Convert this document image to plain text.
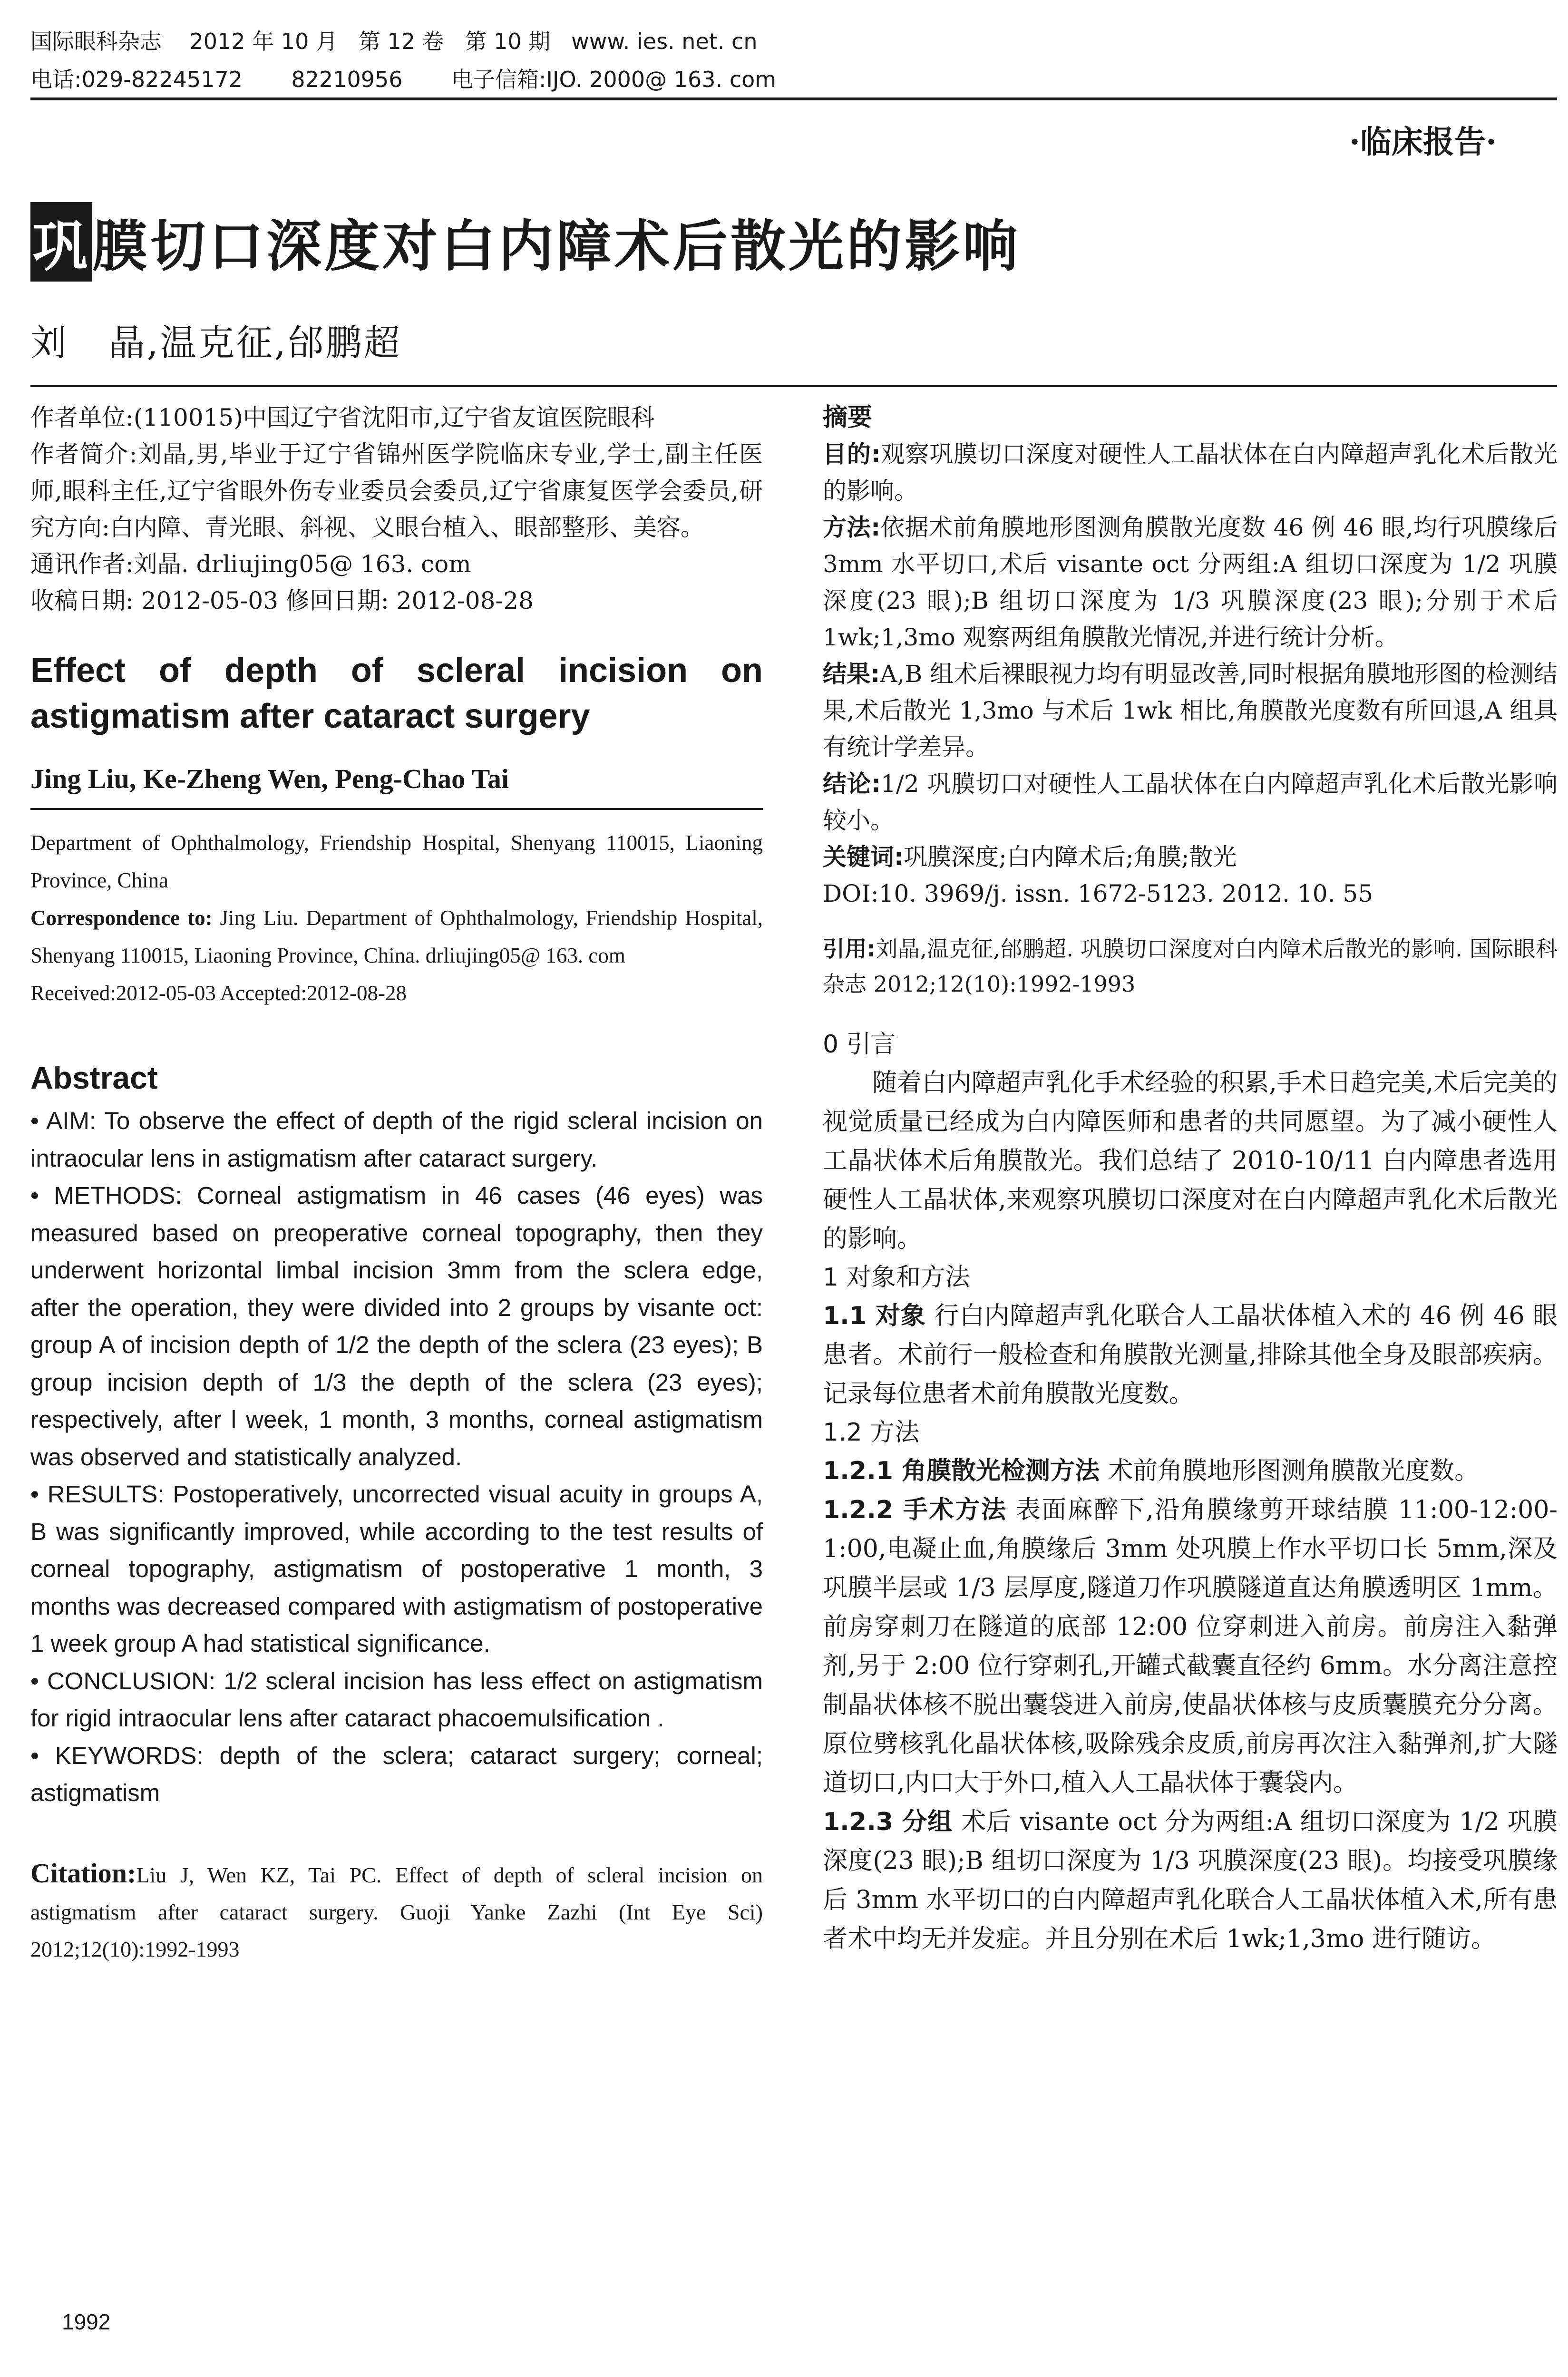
国际眼科杂志    2012 年 10 月   第 12 卷   第 10 期   www. ies. net. cn
电话:029-82245172       82210956       电子信箱:IJO. 2000@ 163. com
·临床报告·
巩膜切口深度对白内障术后散光的影响
刘   晶,温克征,邰鹏超

作者单位:(110015)中国辽宁省沈阳市,辽宁省友谊医院眼科

作者简介:刘晶,男,毕业于辽宁省锦州医学院临床专业,学士,副主任医师,眼科主任,辽宁省眼外伤专业委员会委员,辽宁省康复医学会委员,研究方向:白内障、青光眼、斜视、义眼台植入、眼部整形、美容。

通讯作者:刘晶. drliujing05@ 163. com

收稿日期: 2012-05-03 修回日期: 2012-08-28

Effect of depth of scleral incision on astigmatism after cataract surgery

Jing Liu, Ke-Zheng Wen, Peng-Chao Tai

Department of Ophthalmology, Friendship Hospital, Shenyang 110015, Liaoning Province, China

Correspondence to: Jing Liu. Department of Ophthalmology, Friendship Hospital, Shenyang 110015, Liaoning Province, China. drliujing05@ 163. com

Received:2012-05-03 Accepted:2012-08-28

Abstract

• AIM: To observe the effect of depth of the rigid scleral incision on intraocular lens in astigmatism after cataract surgery.

• METHODS: Corneal astigmatism in 46 cases (46 eyes) was measured based on preoperative corneal topography, then they underwent horizontal limbal incision 3mm from the sclera edge, after the operation, they were divided into 2 groups by visante oct: group A of incision depth of 1/2 the depth of the sclera (23 eyes); B group incision depth of 1/3 the depth of the sclera (23 eyes); respectively, after l week, 1 month, 3 months, corneal astigmatism was observed and statistically analyzed.

• RESULTS: Postoperatively, uncorrected visual acuity in groups A, B was significantly improved, while according to the test results of corneal topography, astigmatism of postoperative 1 month, 3 months was decreased compared with astigmatism of postoperative 1 week group A had statistical significance.

• CONCLUSION: 1/2 scleral incision has less effect on astigmatism for rigid intraocular lens after cataract phacoemulsification .

• KEYWORDS: depth of the sclera; cataract surgery; corneal; astigmatism

Citation:Liu J, Wen KZ, Tai PC. Effect of depth of scleral incision on astigmatism after cataract surgery. Guoji Yanke Zazhi (Int Eye Sci) 2012;12(10):1992-1993

摘要

目的:观察巩膜切口深度对硬性人工晶状体在白内障超声乳化术后散光的影响。

方法:依据术前角膜地形图测角膜散光度数 46 例 46 眼,均行巩膜缘后 3mm 水平切口,术后 visante oct 分两组:A 组切口深度为 1/2 巩膜深度(23 眼);B 组切口深度为 1/3 巩膜深度(23 眼);分别于术后 1wk;1,3mo 观察两组角膜散光情况,并进行统计分析。

结果:A,B 组术后裸眼视力均有明显改善,同时根据角膜地形图的检测结果,术后散光 1,3mo 与术后 1wk 相比,角膜散光度数有所回退,A 组具有统计学差异。

结论:1/2 巩膜切口对硬性人工晶状体在白内障超声乳化术后散光影响较小。

关键词:巩膜深度;白内障术后;角膜;散光

DOI:10. 3969/j. issn. 1672-5123. 2012. 10. 55

引用:刘晶,温克征,邰鹏超. 巩膜切口深度对白内障术后散光的影响. 国际眼科杂志 2012;12(10):1992-1993

0 引言

随着白内障超声乳化手术经验的积累,手术日趋完美,术后完美的视觉质量已经成为白内障医师和患者的共同愿望。为了减小硬性人工晶状体术后角膜散光。我们总结了 2010-10/11 白内障患者选用硬性人工晶状体,来观察巩膜切口深度对在白内障超声乳化术后散光的影响。

1 对象和方法

1.1 对象 行白内障超声乳化联合人工晶状体植入术的 46 例 46 眼患者。术前行一般检查和角膜散光测量,排除其他全身及眼部疾病。记录每位患者术前角膜散光度数。

1.2 方法

1.2.1 角膜散光检测方法 术前角膜地形图测角膜散光度数。

1.2.2 手术方法 表面麻醉下,沿角膜缘剪开球结膜 11:00-12:00-1:00,电凝止血,角膜缘后 3mm 处巩膜上作水平切口长 5mm,深及巩膜半层或 1/3 层厚度,隧道刀作巩膜隧道直达角膜透明区 1mm。前房穿刺刀在隧道的底部 12:00 位穿刺进入前房。前房注入黏弹剂,另于 2:00 位行穿刺孔,开罐式截囊直径约 6mm。水分离注意控制晶状体核不脱出囊袋进入前房,使晶状体核与皮质囊膜充分分离。原位劈核乳化晶状体核,吸除残余皮质,前房再次注入黏弹剂,扩大隧道切口,内口大于外口,植入人工晶状体于囊袋内。

1.2.3 分组 术后 visante oct 分为两组:A 组切口深度为 1/2 巩膜深度(23 眼);B 组切口深度为 1/3 巩膜深度(23 眼)。均接受巩膜缘后 3mm 水平切口的白内障超声乳化联合人工晶状体植入术,所有患者术中均无并发症。并且分别在术后 1wk;1,3mo 进行随访。

1992
